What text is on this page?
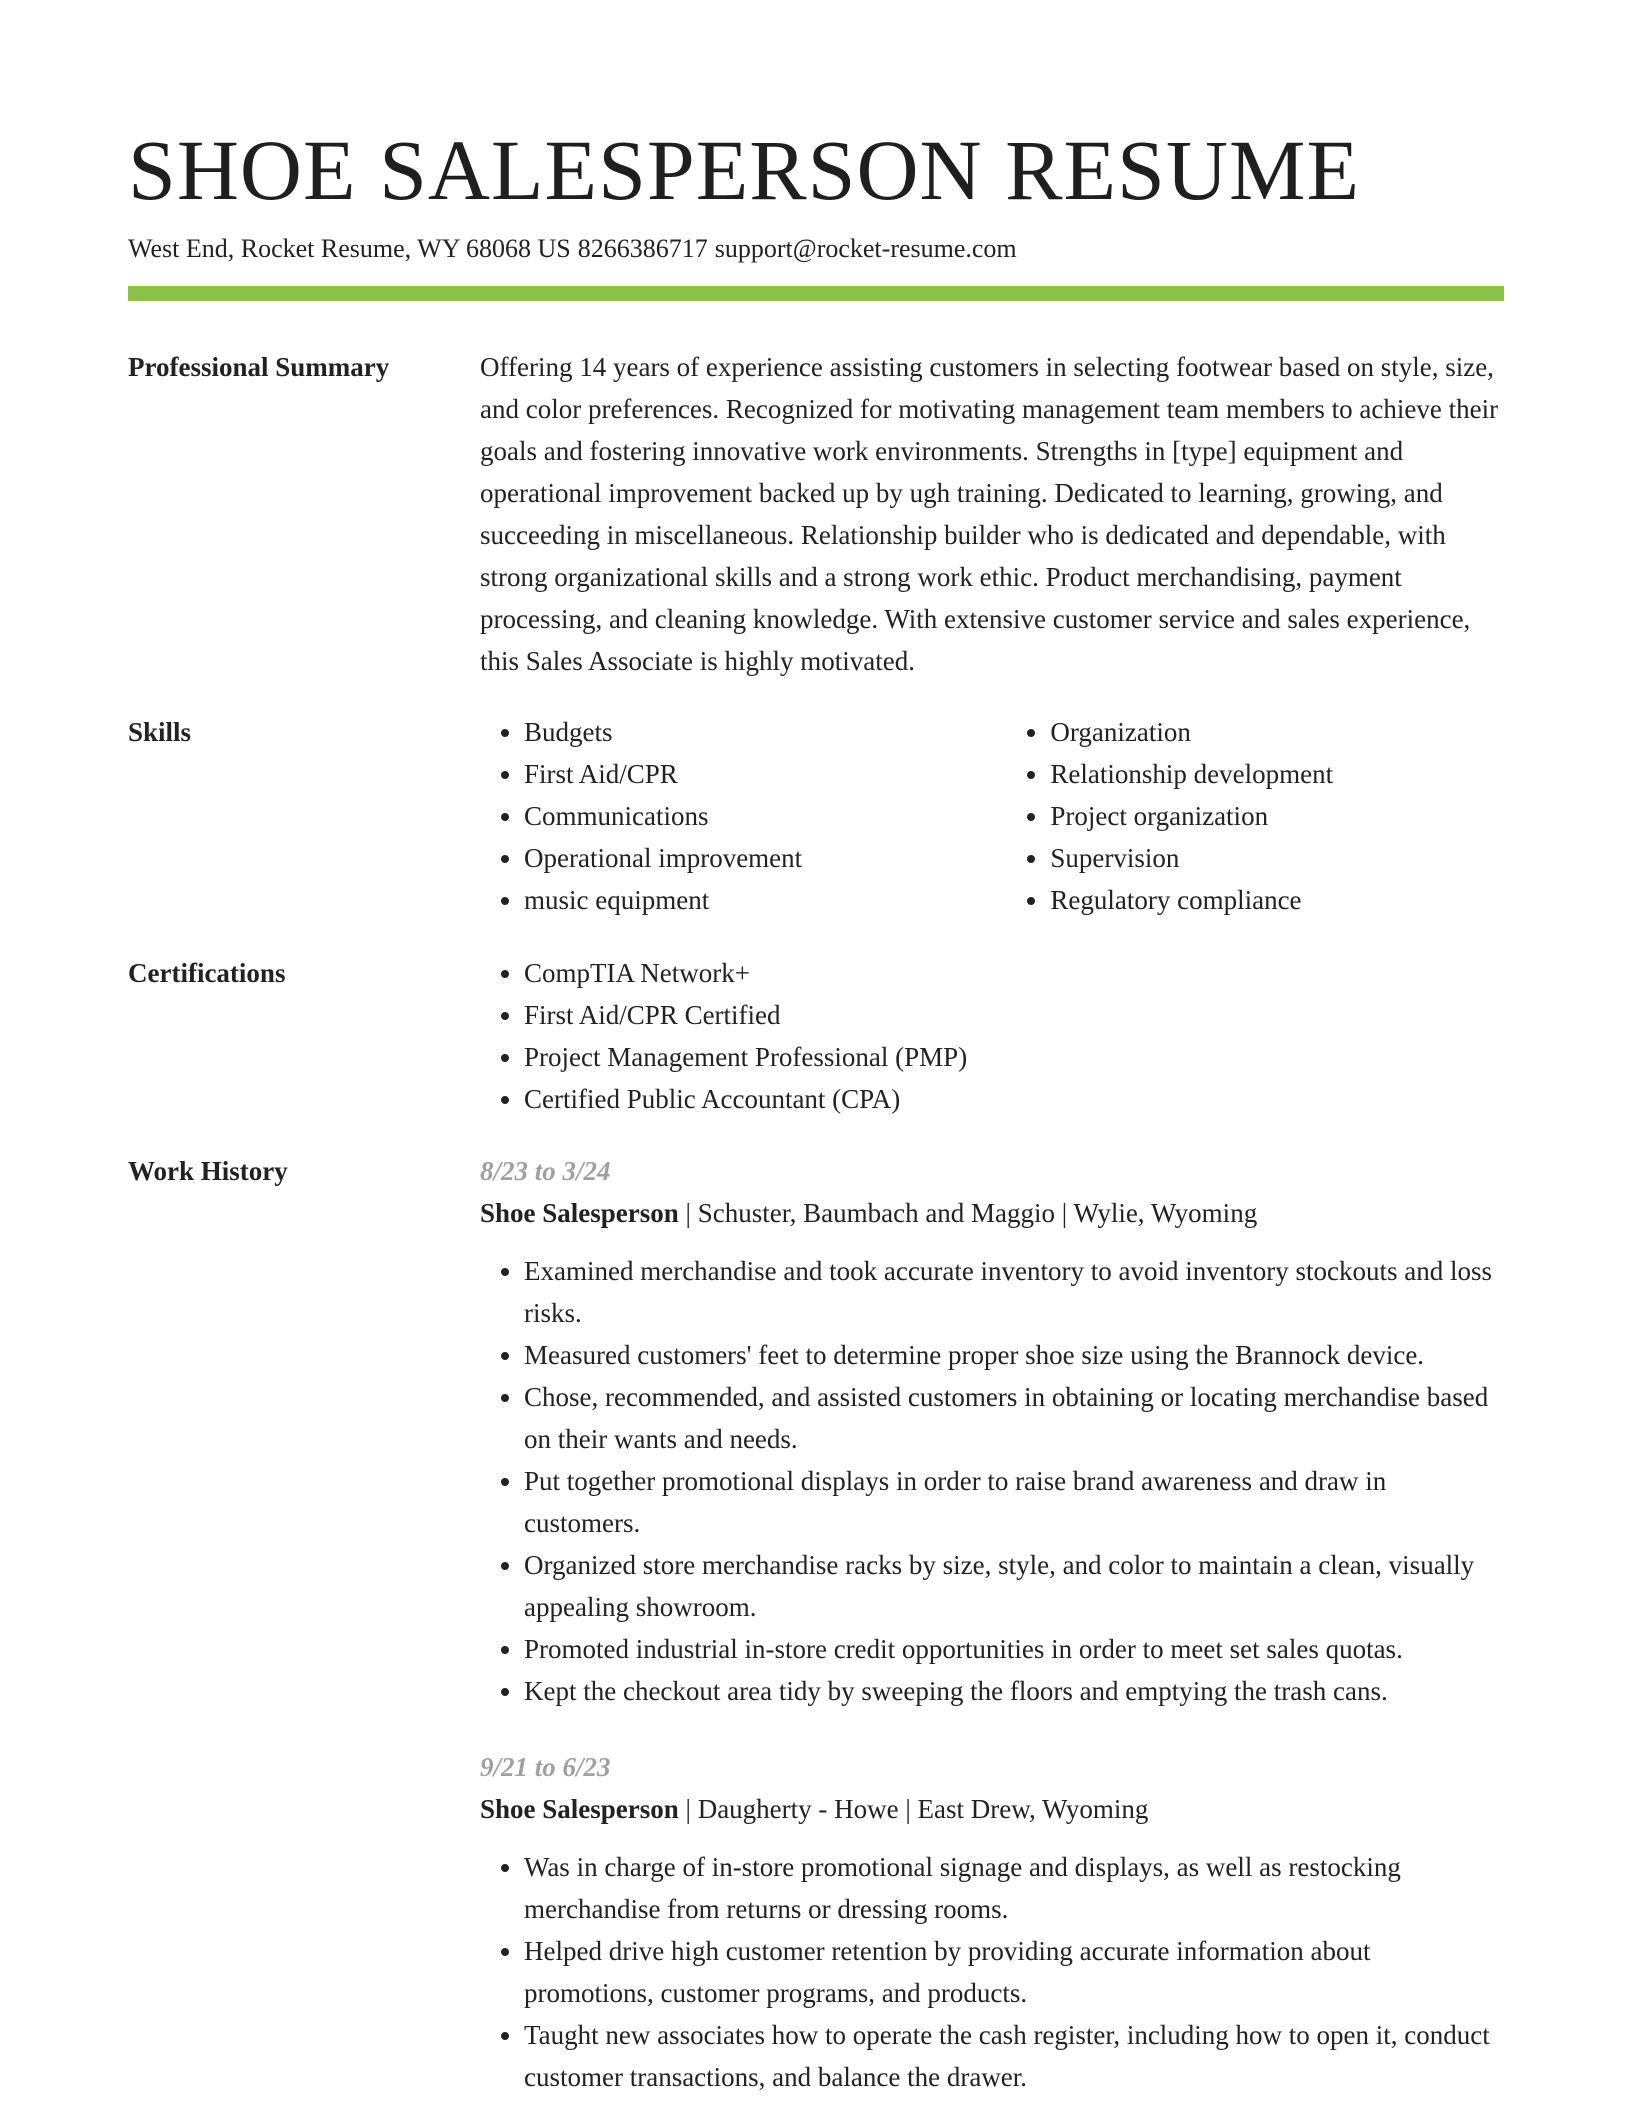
SHOE SALESPERSON RESUME
West End, Rocket Resume, WY 68068 US 8266386717 support@rocket-resume.com
Professional Summary	Offering 14 years of experience assisting customers in selecting footwear based on style, size, and color preferences. Recognized for motivating management team members to achieve their goals and fostering innovative work environments. Strengths in [type] equipment and operational improvement backed up by ugh training. Dedicated to learning, growing, and succeeding in miscellaneous. Relationship builder who is dedicated and dependable, with strong organizational skills and a strong work ethic. Product merchandising, payment processing, and cleaning knowledge. With extensive customer service and sales experience, this Sales Associate is highly motivated.

Skills	• Budgets
• First Aid/CPR
• Communications
• Operational improvement
• music equipment
• Organization
• Relationship development
• Project organization
• Supervision
• Regulatory compliance
Certifications	• CompTIA Network+
• First Aid/CPR Certified
• Project Management Professional (PMP)
• Certified Public Accountant (CPA)
Work History	8/23 to 3/24
Shoe Salesperson | Schuster, Baumbach and Maggio | Wylie, Wyoming
• Examined merchandise and took accurate inventory to avoid inventory stockouts and loss risks.
• Measured customers' feet to determine proper shoe size using the Brannock device.
• Chose, recommended, and assisted customers in obtaining or locating merchandise based on their wants and needs.
• Put together promotional displays in order to raise brand awareness and draw in customers.
• Organized store merchandise racks by size, style, and color to maintain a clean, visually appealing showroom.
• Promoted industrial in-store credit opportunities in order to meet set sales quotas.
• Kept the checkout area tidy by sweeping the floors and emptying the trash cans.
9/21 to 6/23
Shoe Salesperson | Daugherty - Howe | East Drew, Wyoming
• Was in charge of in-store promotional signage and displays, as well as restocking merchandise from returns or dressing rooms.
• Helped drive high customer retention by providing accurate information about promotions, customer programs, and products.
• Taught new associates how to operate the cash register, including how to open it, conduct customer transactions, and balance the drawer.
